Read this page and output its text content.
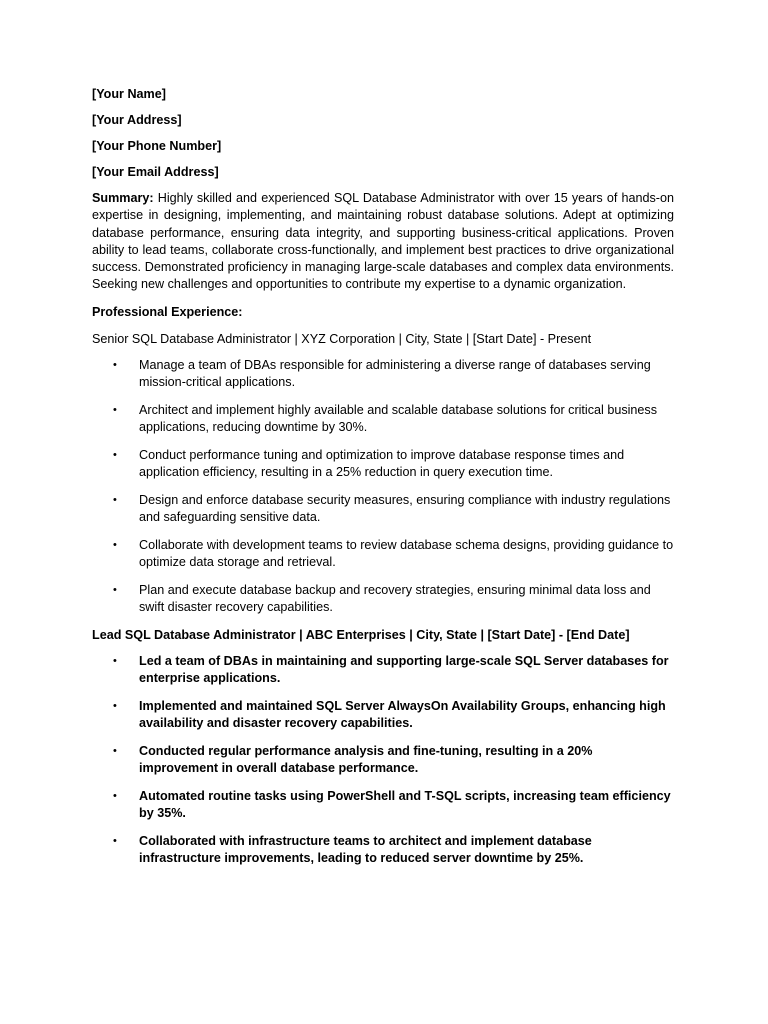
[Your Name]
[Your Address]
[Your Phone Number]
[Your Email Address]
Summary: Highly skilled and experienced SQL Database Administrator with over 15 years of hands-on expertise in designing, implementing, and maintaining robust database solutions. Adept at optimizing database performance, ensuring data integrity, and supporting business-critical applications. Proven ability to lead teams, collaborate cross-functionally, and implement best practices to drive organizational success. Demonstrated proficiency in managing large-scale databases and complex data environments. Seeking new challenges and opportunities to contribute my expertise to a dynamic organization.
Professional Experience:
Senior SQL Database Administrator | XYZ Corporation | City, State | [Start Date] - Present
• Manage a team of DBAs responsible for administering a diverse range of databases serving mission-critical applications.
• Architect and implement highly available and scalable database solutions for critical business applications, reducing downtime by 30%.
• Conduct performance tuning and optimization to improve database response times and application efficiency, resulting in a 25% reduction in query execution time.
• Design and enforce database security measures, ensuring compliance with industry regulations and safeguarding sensitive data.
• Collaborate with development teams to review database schema designs, providing guidance to optimize data storage and retrieval.
• Plan and execute database backup and recovery strategies, ensuring minimal data loss and swift disaster recovery capabilities.
Lead SQL Database Administrator | ABC Enterprises | City, State | [Start Date] - [End Date]
• Led a team of DBAs in maintaining and supporting large-scale SQL Server databases for enterprise applications.
• Implemented and maintained SQL Server AlwaysOn Availability Groups, enhancing high availability and disaster recovery capabilities.
• Conducted regular performance analysis and fine-tuning, resulting in a 20% improvement in overall database performance.
• Automated routine tasks using PowerShell and T-SQL scripts, increasing team efficiency by 35%.
• Collaborated with infrastructure teams to architect and implement database infrastructure improvements, leading to reduced server downtime by 25%.
